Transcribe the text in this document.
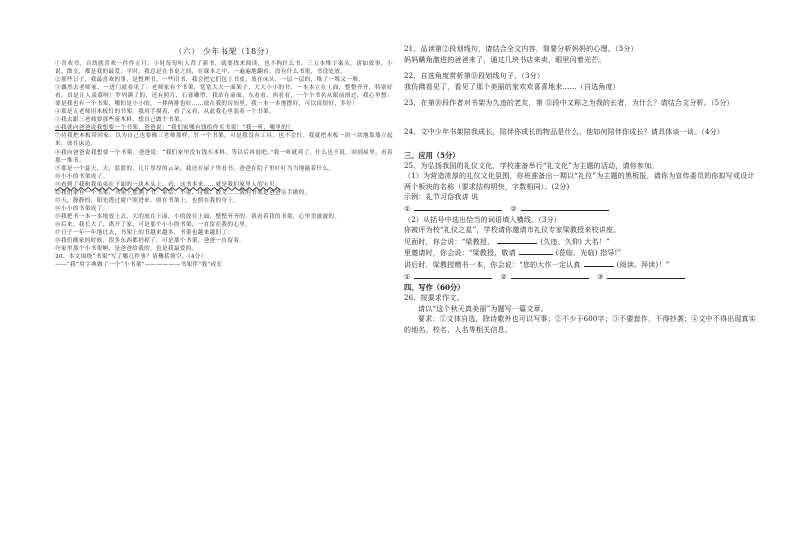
（六） 少年书架（18分）

①喜欢书，自幼就喜欢一件件五月。小时每每听人背了新书，就要找来阅读，也不拘什么书，三五本堆于案头，诸如故事、小说、散文，都是我的最爱。平时，我总是在书桌之间，在课本之中，一遍遍地翻看。没有什么书架，书没处放。

②那些日子，我最喜欢的事，是整理书。一些旧书，我会把它们包上书皮，放在床头，一层一层的，堆了一堆又一堆。

③偶然去老师家，一进门就看见了：老师家有个书架，宽宽大大一面架子，大大小小的书，一本本立在上面，整整齐齐，特别好看，真是让人羡慕呀！罗列满了的，还有照片，石膏雕塑，我站在前面，东看看、西看看，一个个书名从眼前滑过，我心里想：要是我也有一个书架，哪怕是小小的，一排两排也好……放在我的房间里，我一本一本地摆好，可以说很好，多好！

④那是五老师用木板钉的书架。我用手摸着，看了又看，从此我心里装着一个书架。

⑤我去跟三老师要那些废木料，想自己做个书架。

⑥我就向爸爸说我想要一个书架。爸爸说：“我们家哪有钱给你买书架！”我一听，哪里的？

⑦待我把木板带回家，以为自己也要像三老师那样，钉一个书架，可是我没有工具，也不会钉。我就把木板一块一块地靠墙立起来，放在床边。

⑧我向爸爸说我想要一个书架。爸爸说：“我们家里没有钱买木料，等以后再说吧。”我一听就蔫了，什么也不说，回到屋里，看着那一堆书。

⑨那是一个夏天，天，蓝蓝的，几片厚厚的云朵，我还在屋子里看书，爸爸在院子里叮叮当当地敲着什么。

⑩小小的书架成了。

⑪看到了我和我弟弟在下面的一块木头上，看，这书本来……就是我们家里人的宝贝。

⑫我们家有一个书架，书架上摆满了书：童话、小说、诗歌、散文……我的书架是爸爸亲手做的。

⑬天，静静的，阳光透过窗户照进来，照在书架上，也照在我的身上。

⑭小小的书架成了。

⑮我把书一本一本地放上去，大的放在下面，小的放在上面，整整齐齐的。我看着我的书架，心里美滋滋的。

⑯后来，我长大了，离开了家，可是那个小小的书架，一直留在我的心里。

⑰日子一年一年地过去，书架上的书越来越多，书架也越来越旧了。

⑱我们搬家的时候，很多东西都扔掉了，可是那个书架，爸爸一直留着。

⑲家里那个小书架啊，是爸爸给我的，也是我最爱的。

20、本文围绕“书架”写了哪几件事？请概括填空。（4分）

——“我”用字典做了一个“小书架”——————书架伴“我”成长

21、品读第②段划线句，请结合全文内容，简要分析妈妈的心理。（3分）

妈妈瞒角激进的爸爸来了，通过几块书店来卖，眼里闪着光芒。

22、自选角度赏析第⑬段划线句子。（3分）

我仿佛看见了，看见了那个美丽的家欢欢喜喜地来……（自选角度）

23、在第⑩段作者对书架为久违的老友，第 ⑪段中又称之为我的长者，为什么？请结合文分析。（5分）

24、文中少年书架陪我成长，陪伴你成长的物品是什么，他如何陪伴你成长？请具体谈一谈。（4分）

三、应用（5分）

25、为弘扬我国的礼仪文化，学校准备举行“礼文化”为主题的活动，请你参加。

（1）为营造浓厚的礼仪文化氛围，你班准备出一期以“礼仪”为主题的黑板报，请你为宣传委员的你拟写或设计两个板块的名称（要求结构明快，字数相同）。(2分)

示例：礼节习俗我讲 说

①	②

（2）从括号中选出恰当的词语填入横线。（3分）

你被评为校“礼仪之星”，学校请你邀请市礼仪专家梁教授来校讲座。

见面时，你会说：“梁教授，	(久违、久仰) 大名！”
里邀请时，你会说：“梁教授，敬请	(莅临、光临) 指导!”
讲后时，梁教授赠书一本，你会说：“您的大作一定认真	(阅读、拜读)！”
①	②	③

四、写作（60分）

26、按要求作文。

请以“这个秋天真美丽”为题写一篇文章。

要求：①文体自选，除诗歌外也可以写事；②不少于600字；③不要套作，不得抄袭；④文中不得出现真实的地名、校名、人名等相关信息。
